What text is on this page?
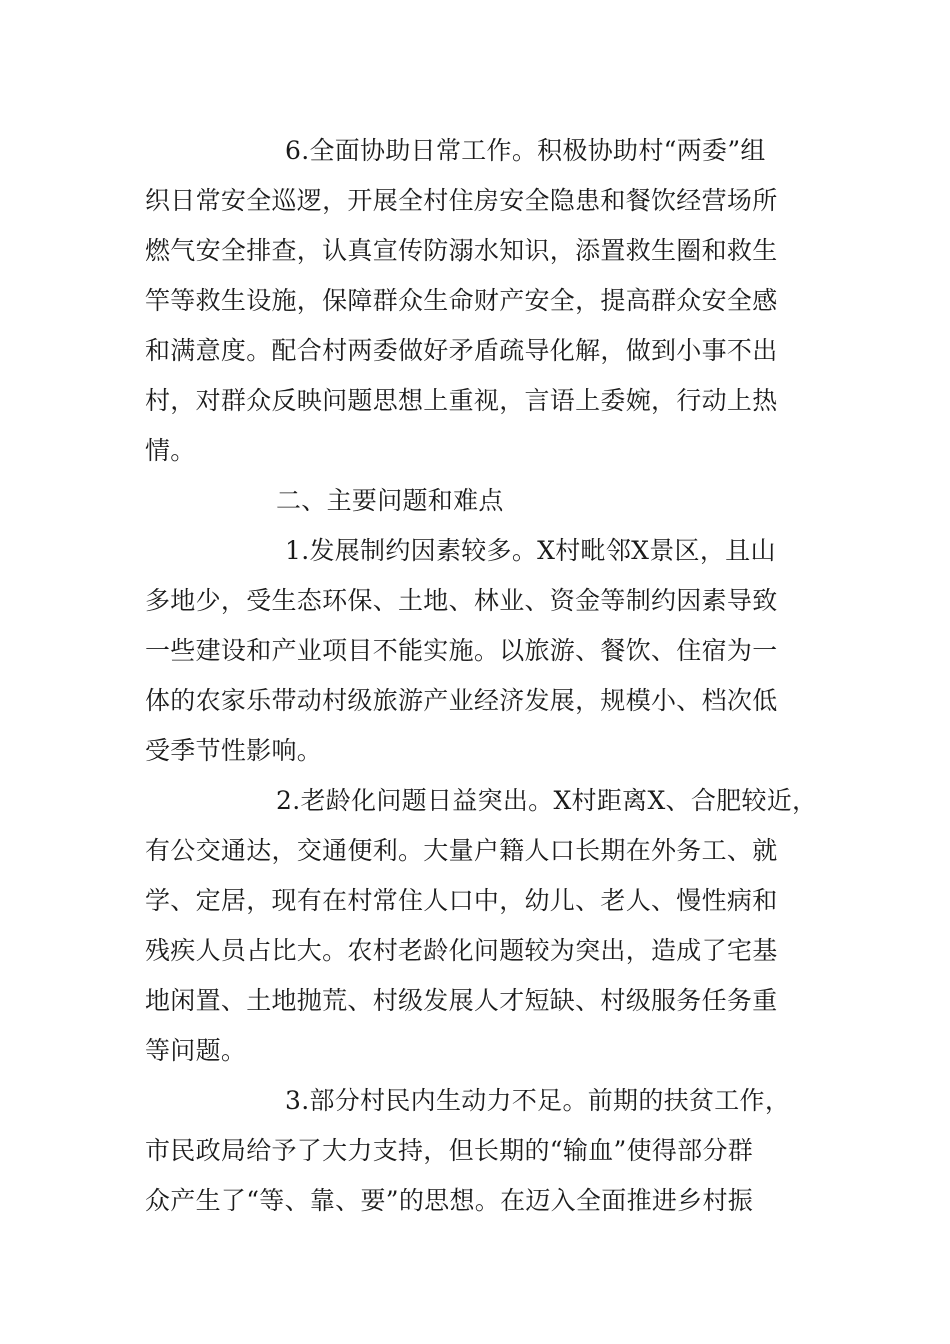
6.全面协助日常工作。积极协助村“两委”组
织日常安全巡逻，开展全村住房安全隐患和餐饮经营场所
燃气安全排查，认真宣传防溺水知识，添置救生圈和救生
竿等救生设施，保障群众生命财产安全，提高群众安全感
和满意度。配合村两委做好矛盾疏导化解，做到小事不出
村，对群众反映问题思想上重视，言语上委婉，行动上热
情。
二、主要问题和难点
1.发展制约因素较多。X村毗邻X景区，且山
多地少，受生态环保、土地、林业、资金等制约因素导致
一些建设和产业项目不能实施。以旅游、餐饮、住宿为一
体的农家乐带动村级旅游产业经济发展，规模小、档次低
受季节性影响。
2.老龄化问题日益突出。X村距离X、合肥较近，
有公交通达，交通便利。大量户籍人口长期在外务工、就
学、定居，现有在村常住人口中，幼儿、老人、慢性病和
残疾人员占比大。农村老龄化问题较为突出，造成了宅基
地闲置、土地抛荒、村级发展人才短缺、村级服务任务重
等问题。
3.部分村民内生动力不足。前期的扶贫工作，
市民政局给予了大力支持，但长期的“输血”使得部分群
众产生了“等、靠、要”的思想。在迈入全面推进乡村振
